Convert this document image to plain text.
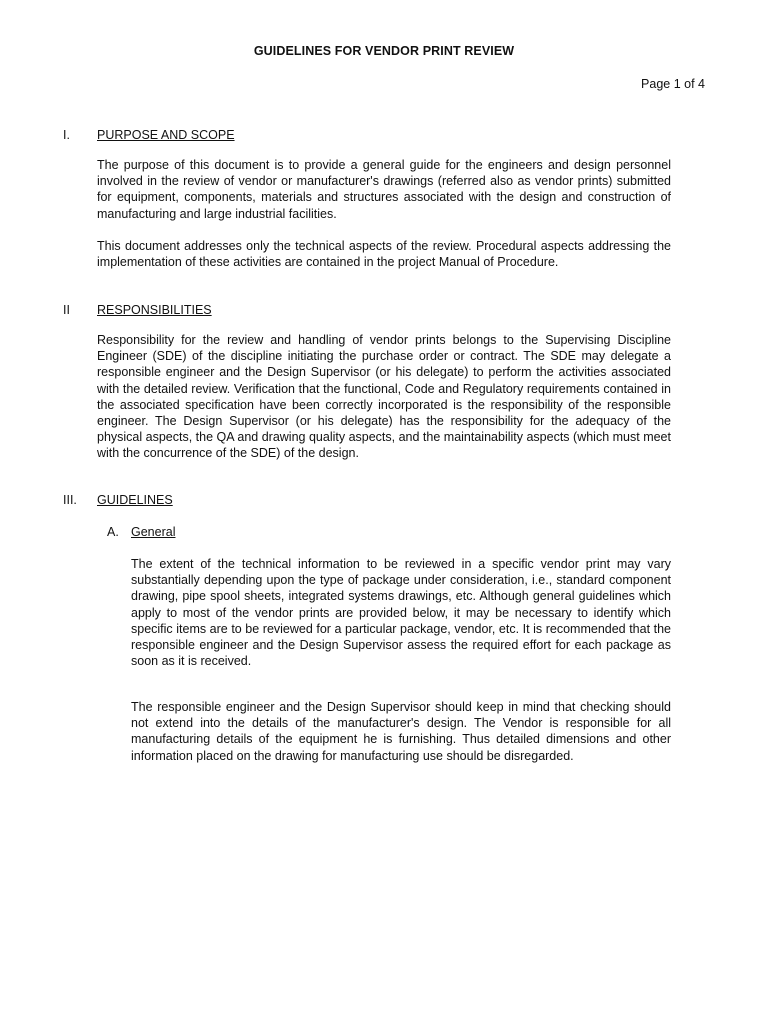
GUIDELINES FOR VENDOR PRINT REVIEW
Page 1 of 4
I. PURPOSE AND SCOPE

The purpose of this document is to provide a general guide for the engineers and design personnel involved in the review of vendor or manufacturer's drawings (referred also as vendor prints) submitted for equipment, components, materials and structures associated with the design and construction of manufacturing and large industrial facilities.

This document addresses only the technical aspects of the review. Procedural aspects addressing the implementation of these activities are contained in the project Manual of Procedure.

II RESPONSIBILITIES

Responsibility for the review and handling of vendor prints belongs to the Supervising Discipline Engineer (SDE) of the discipline initiating the purchase order or contract. The SDE may delegate a responsible engineer and the Design Supervisor (or his delegate) to perform the activities associated with the detailed review. Verification that the functional, Code and Regulatory requirements contained in the associated specification have been correctly incorporated is the responsibility of the responsible engineer. The Design Supervisor (or his delegate) has the responsibility for the adequacy of the physical aspects, the QA and drawing quality aspects, and the maintainability aspects (which must meet with the concurrence of the SDE) of the design.

III. GUIDELINES
A. General

The extent of the technical information to be reviewed in a specific vendor print may vary substantially depending upon the type of package under consideration, i.e., standard component drawing, pipe spool sheets, integrated systems drawings, etc. Although general guidelines which apply to most of the vendor prints are provided below, it may be necessary to identify which specific items are to be reviewed for a particular package, vendor, etc. It is recommended that the responsible engineer and the Design Supervisor assess the required effort for each package as soon as it is received.

The responsible engineer and the Design Supervisor should keep in mind that checking should not extend into the details of the manufacturer's design. The Vendor is responsible for all manufacturing details of the equipment he is furnishing. Thus detailed dimensions and other information placed on the drawing for manufacturing use should be disregarded.
